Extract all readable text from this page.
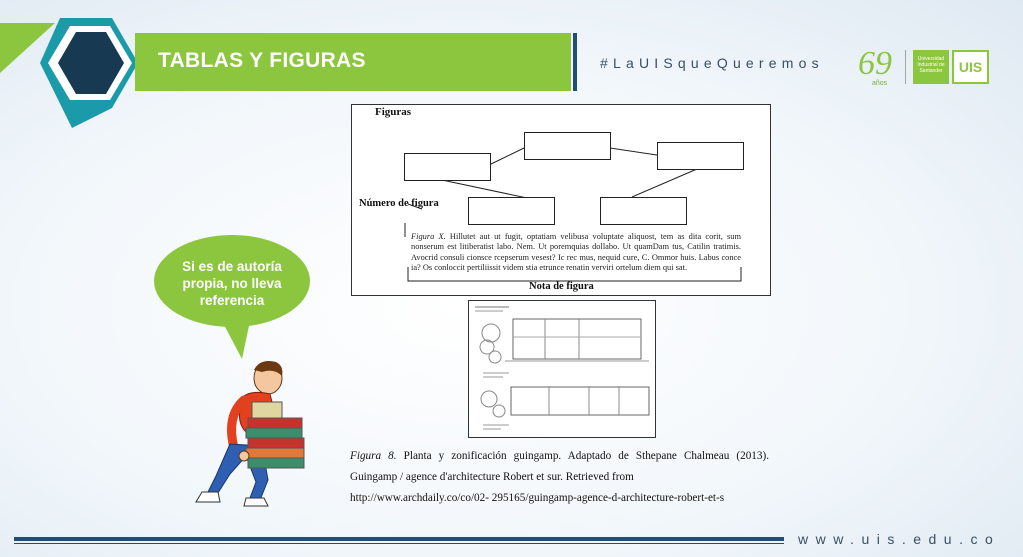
TABLAS Y FIGURAS	#LaUISqueQueremos 69
años
Universidad Industrial de Santander	UIS
Figuras
Número de figura
Figura X. Hillutet aut ut fugit, optatiam velibusa voluptate aliquost, tem as dita corit, sum nonserum est litiberatist labo. Nem. Ut poremquias dollabo. Ut quamDam tus, Catilin tratimis. Avocrid consuli cionsce rcepserum vesest? Ic rec mus, nequid cure, C. Ommor huis. Labus conce ia? Os conloccit pertiliissit videm stia etrunce renatin verviri ortelum diem qui sat.
Nota de figura
Figura 8. Planta y zonificación guingamp. Adaptado de Sthepane Chalmeau (2013). Guingamp / agence d'architecture Robert et sur. Retrieved from
http://www.archdaily.co/co/02- 295165/guingamp-agence-d-architecture-robert-et-s
Si es de autoría propia, no lleva referencia
www.uis.edu.co
